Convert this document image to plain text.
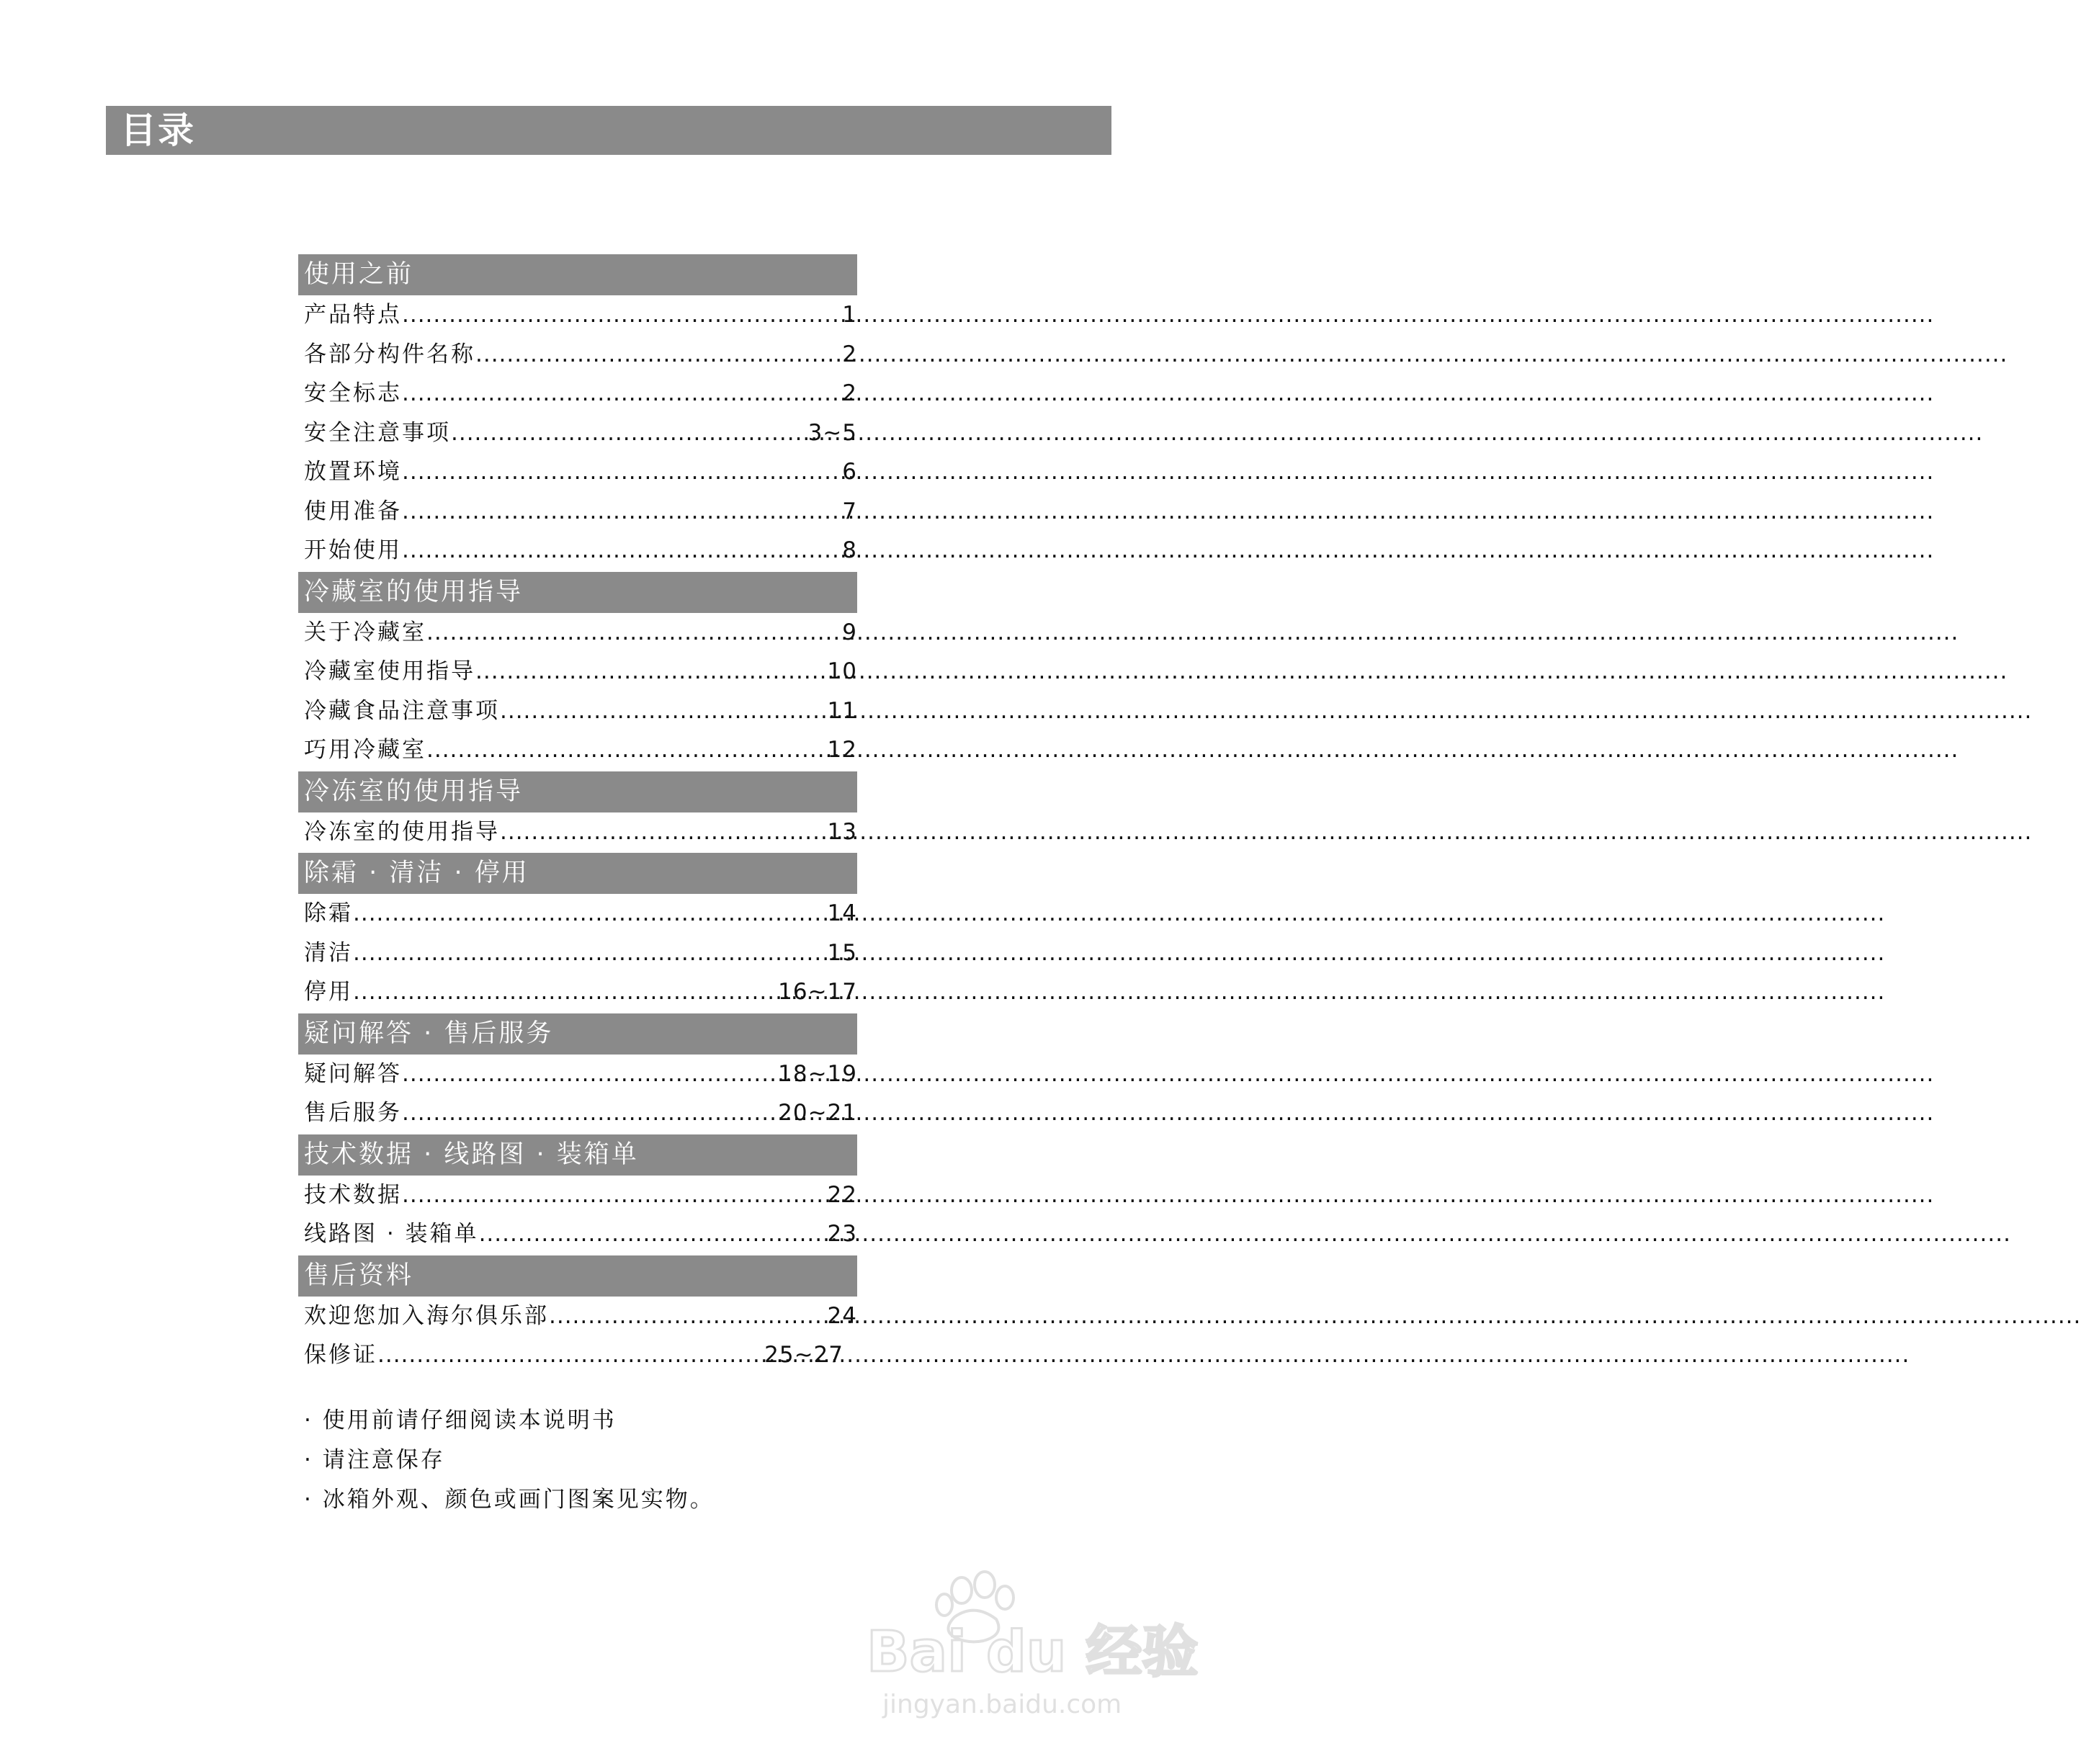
目录
使用之前
产品特点 .....	1
各部分构件名称 .....	2
安全标志 .....	2
安全注意事项 .....	3~5
放置环境 .....	6
使用准备 .....	7
开始使用 .....	8
冷藏室的使用指导
关于冷藏室 .....	9
冷藏室使用指导 .....	10
冷藏食品注意事项 .....	11
巧用冷藏室 .....	12
冷冻室的使用指导
冷冻室的使用指导 .....	13
除霜 · 清洁 · 停用
除霜 .....	14
清洁 .....	15
停用 .....	16~17
疑问解答 · 售后服务
疑问解答 .....	18~19
售后服务 .....	20~21
技术数据 · 线路图 · 装箱单
技术数据 .....	22
线路图 · 装箱单 .....	23
售后资料
欢迎您加入海尔俱乐部 .....	24
保修证 .....	25~27
· 使用前请仔细阅读本说明书
· 请注意保存
· 冰箱外观、颜色或画门图案见实物。
Bai du 经验
jingyan.baidu.com
